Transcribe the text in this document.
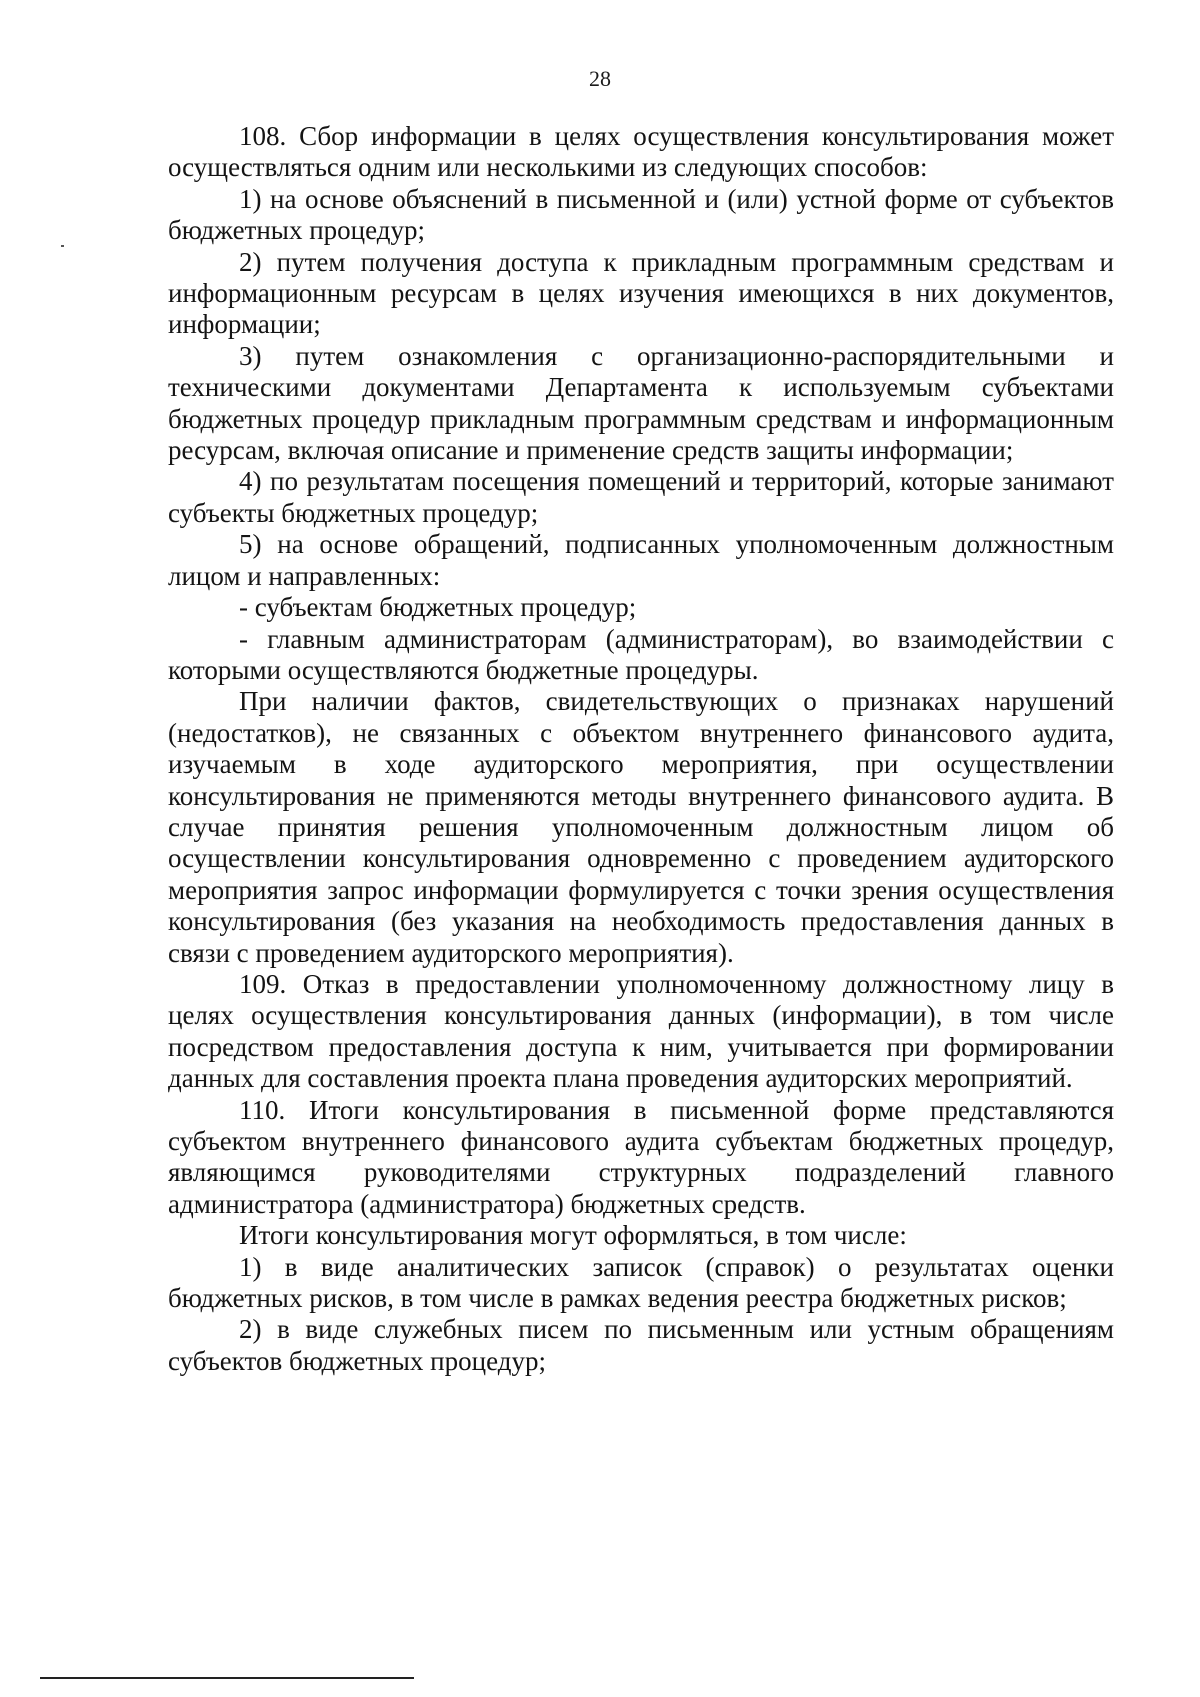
28

108. Сбор информации в целях осуществления консультирования может осуществляться одним или несколькими из следующих способов:

1) на основе объяснений в письменной и (или) устной форме от субъектов бюджетных процедур;

2) путем получения доступа к прикладным программным средствам и информационным ресурсам в целях изучения имеющихся в них документов, информации;

3) путем ознакомления с организационно-распорядительными и техническими документами Департамента к используемым субъектами бюджетных процедур прикладным программным средствам и информационным ресурсам, включая описание и применение средств защиты информации;

4) по результатам посещения помещений и территорий, которые занимают субъекты бюджетных процедур;

5) на основе обращений, подписанных уполномоченным должностным лицом и направленных:

- субъектам бюджетных процедур;

- главным администраторам (администраторам), во взаимодействии с которыми осуществляются бюджетные процедуры.

При наличии фактов, свидетельствующих о признаках нарушений (недостатков), не связанных с объектом внутреннего финансового аудита, изучаемым в ходе аудиторского мероприятия, при осуществлении консультирования не применяются методы внутреннего финансового аудита. В случае принятия решения уполномоченным должностным лицом об осуществлении консультирования одновременно с проведением аудиторского мероприятия запрос информации формулируется с точки зрения осуществления консультирования (без указания на необходимость предоставления данных в связи с проведением аудиторского мероприятия).

109. Отказ в предоставлении уполномоченному должностному лицу в целях осуществления консультирования данных (информации), в том числе посредством предоставления доступа к ним, учитывается при формировании данных для составления проекта плана проведения аудиторских мероприятий.

110. Итоги консультирования в письменной форме представляются субъектом внутреннего финансового аудита субъектам бюджетных процедур, являющимся руководителями структурных подразделений главного администратора (администратора) бюджетных средств.

Итоги консультирования могут оформляться, в том числе:

1) в виде аналитических записок (справок) о результатах оценки бюджетных рисков, в том числе в рамках ведения реестра бюджетных рисков;

2) в виде служебных писем по письменным или устным обращениям субъектов бюджетных процедур;
